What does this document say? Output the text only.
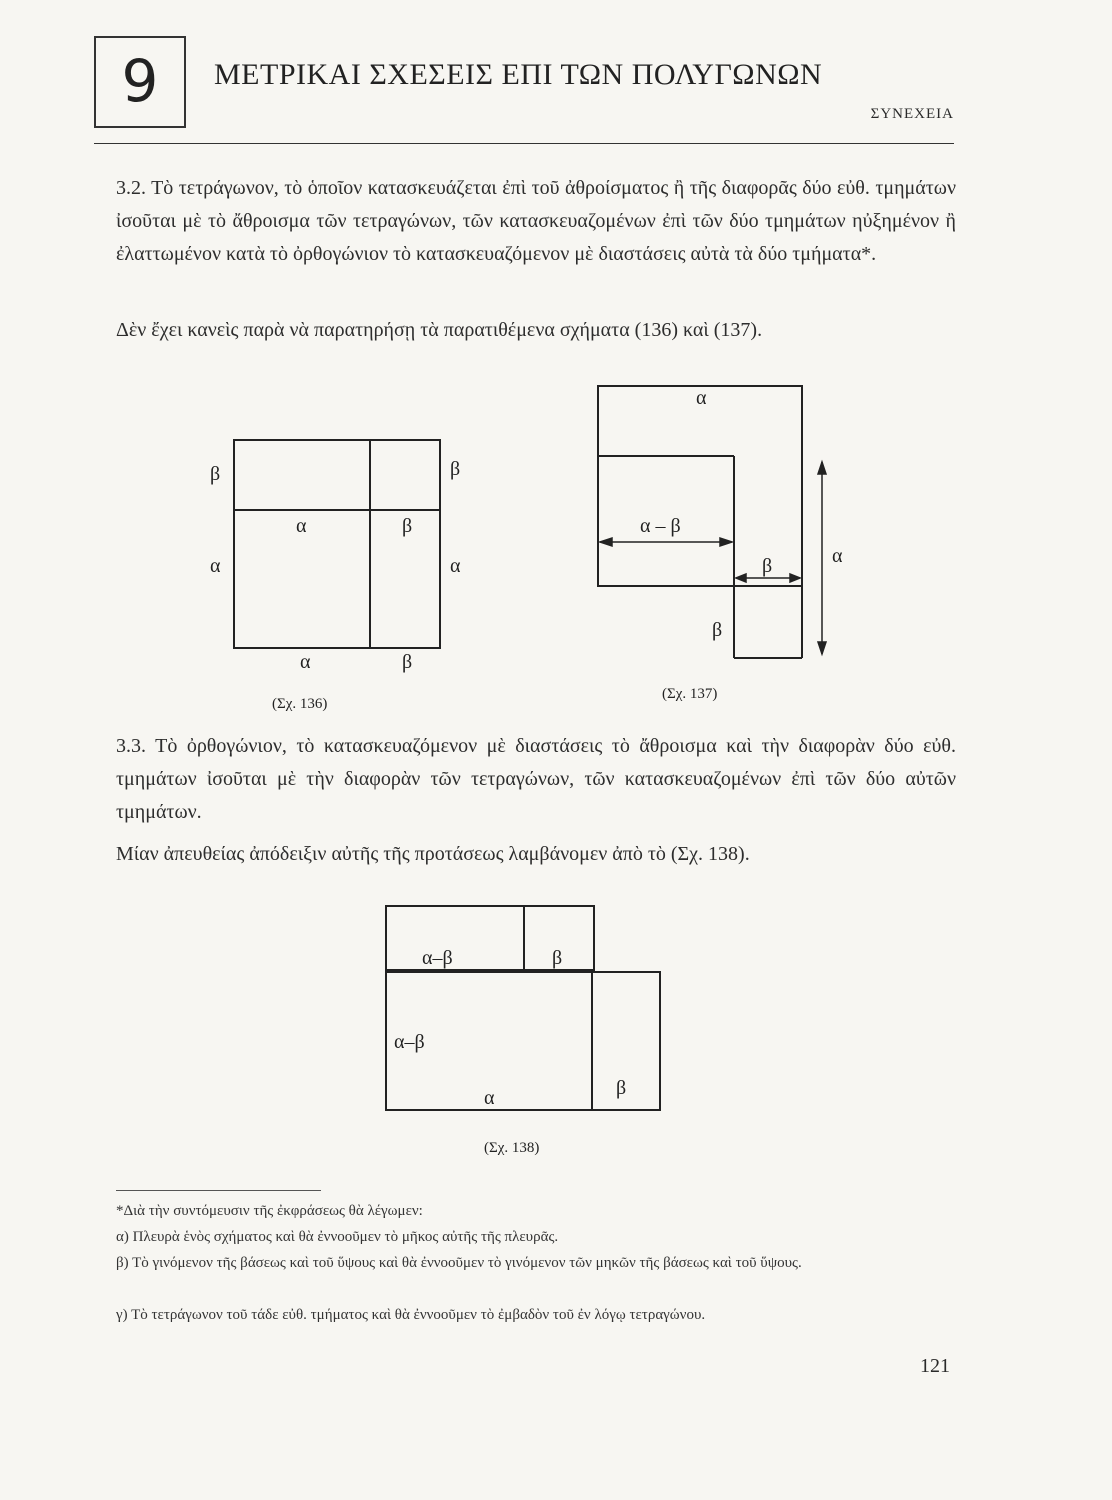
9	ΜΕΤΡΙΚΑΙ ΣΧΕΣΕΙΣ ΕΠΙ ΤΩΝ ΠΟΛΥΓΩΝΩΝ
ΣΥΝΕΧΕΙΑ
3.2. Τὸ τετράγωνον, τὸ ὁποῖον κατασκευάζεται ἐπὶ τοῦ ἀθροίσματος ἢ τῆς διαφορᾶς δύο εὐθ. τμημάτων ἰσοῦται μὲ τὸ ἄθροισμα τῶν τετραγώνων, τῶν κατασκευαζομένων ἐπὶ τῶν δύο τμημάτων ηὐξημένον ἢ ἐλαττωμένον κατὰ τὸ ὀρθογώνιον τὸ κατασκευαζόμενον μὲ διαστάσεις αὐτὰ τὰ δύο τμήματα*.
Δὲν ἔχει κανεὶς παρὰ νὰ παρατηρήσῃ τὰ παρατιθέμενα σχήματα (136) καὶ (137).
β	β
α	β
α	α
α	β
(Σχ. 136)
α
α – β
β	α
β
(Σχ. 137)
3.3. Τὸ ὀρθογώνιον, τὸ κατασκευαζόμενον μὲ διαστάσεις τὸ ἄθροισμα καὶ τὴν διαφορὰν δύο εὐθ. τμημάτων ἰσοῦται μὲ τὴν διαφορὰν τῶν τετραγώνων, τῶν κατασκευαζομένων ἐπὶ τῶν δύο αὐτῶν τμημάτων.
Μίαν ἀπευθείας ἀπόδειξιν αὐτῆς τῆς προτάσεως λαμβάνομεν ἀπὸ τὸ (Σχ. 138).
α–β	β
α–β
α	β
(Σχ. 138)
*Διὰ τὴν συντόμευσιν τῆς ἐκφράσεως θὰ λέγωμεν:
α) Πλευρὰ ἑνὸς σχήματος καὶ θὰ ἐννοοῦμεν τὸ μῆκος αὐτῆς τῆς πλευρᾶς.
β) Τὸ γινόμενον τῆς βάσεως καὶ τοῦ ὕψους καὶ θὰ ἐννοοῦμεν τὸ γινόμενον τῶν μηκῶν τῆς βάσεως καὶ τοῦ ὕψους.
γ) Τὸ τετράγωνον τοῦ τάδε εὐθ. τμήματος καὶ θὰ ἐννοοῦμεν τὸ ἐμβαδὸν τοῦ ἐν λόγῳ τετραγώνου.
121
